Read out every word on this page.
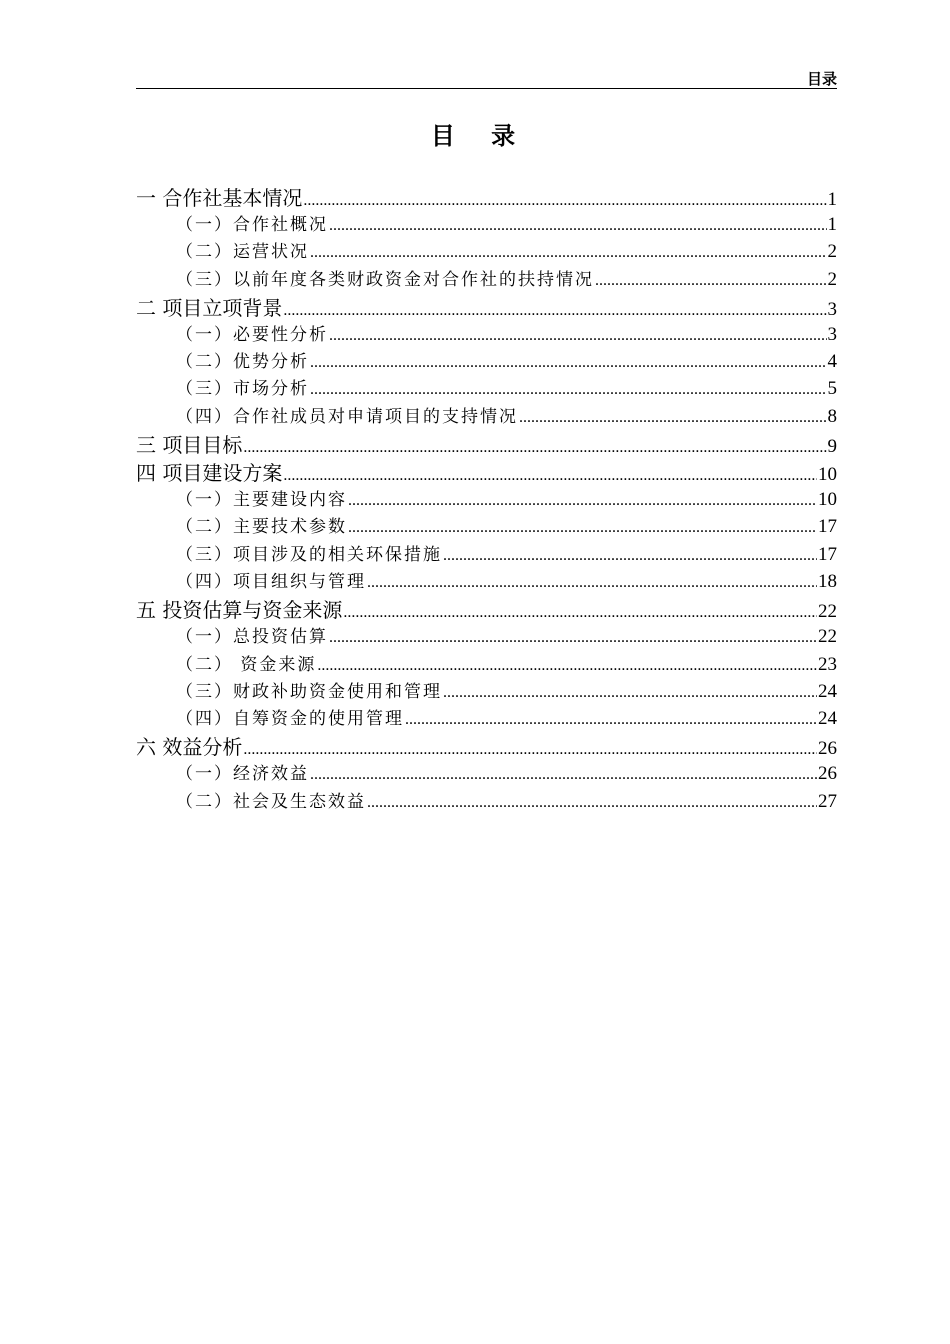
目录
目 录
一 合作社基本情况 .....	1
（一）合作社概况 .....	1
（二）运营状况 .....	2
（三）以前年度各类财政资金对合作社的扶持情况 .....	2
二 项目立项背景 .....	3
（一）必要性分析 .....	3
（二）优势分析 .....	4
（三）市场分析 .....	5
（四）合作社成员对申请项目的支持情况 .....	8
三 项目目标 .....	9
四 项目建设方案 .....	10
（一）主要建设内容 .....	10
（二）主要技术参数 .....	17
（三）项目涉及的相关环保措施 .....	17
（四）项目组织与管理 .....	18
五 投资估算与资金来源 .....	22
（一）总投资估算 .....	22
（二） 资金来源 .....	23
（三）财政补助资金使用和管理 .....	24
（四）自筹资金的使用管理 .....	24
六 效益分析 .....	26
（一）经济效益 .....	26
（二）社会及生态效益 .....	27
